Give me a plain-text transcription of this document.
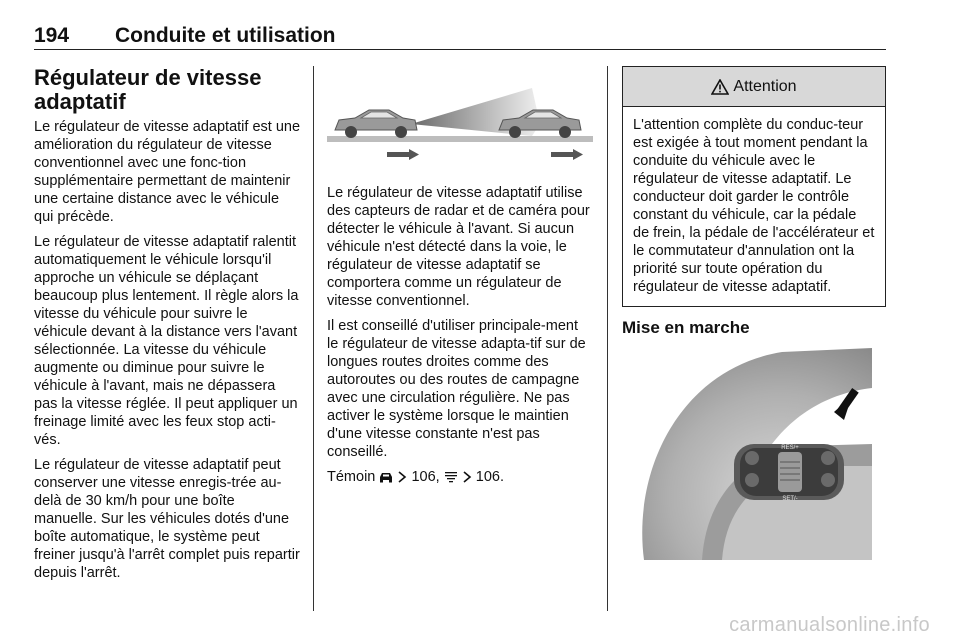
194 Conduite et utilisation
Régulateur de vitesse adaptatif

Le régulateur de vitesse adaptatif est une amélioration du régulateur de vitesse conventionnel avec une fonc-tion supplémentaire permettant de maintenir une certaine distance avec le véhicule qui précède.

Le régulateur de vitesse adaptatif ralentit automatiquement le véhicule lorsqu'il approche un véhicule se déplaçant beaucoup plus lentement. Il règle alors la vitesse du véhicule pour suivre le véhicule devant à la distance vers l'avant sélectionnée. La vitesse du véhicule augmente ou diminue pour suivre le véhicule à l'avant, mais ne dépassera pas la vitesse réglée. Il peut appliquer un freinage limité avec les feux stop acti-vés.

Le régulateur de vitesse adaptatif peut conserver une vitesse enregis-trée au-delà de 30 km/h pour une boîte manuelle. Sur les véhicules dotés d'une boîte automatique, le système peut freiner jusqu'à l'arrêt complet puis repartir depuis l'arrêt.

Le régulateur de vitesse adaptatif utilise des capteurs de radar et de caméra pour détecter le véhicule à l'avant. Si aucun véhicule n'est détecté dans la voie, le régulateur de vitesse adaptatif se comportera comme un régulateur de vitesse conventionnel.

Il est conseillé d'utiliser principale-ment le régulateur de vitesse adapta-tif sur de longues routes droites comme des autoroutes ou des routes de campagne avec une circulation régulière. Ne pas activer le système lorsque le maintien d'une vitesse constante n'est pas conseillé.

Témoin 106, 106.

Attention

L'attention complète du conduc-teur est exigée à tout moment pendant la conduite du véhicule avec le régulateur de vitesse adaptatif. Le conducteur doit garder le contrôle constant du véhicule, car la pédale de frein, la pédale de l'accélérateur et le commutateur d'annulation ont la priorité sur toute opération du régulateur de vitesse adaptatif.

Mise en marche
RES/+
SET/-
carmanualsonline.info
